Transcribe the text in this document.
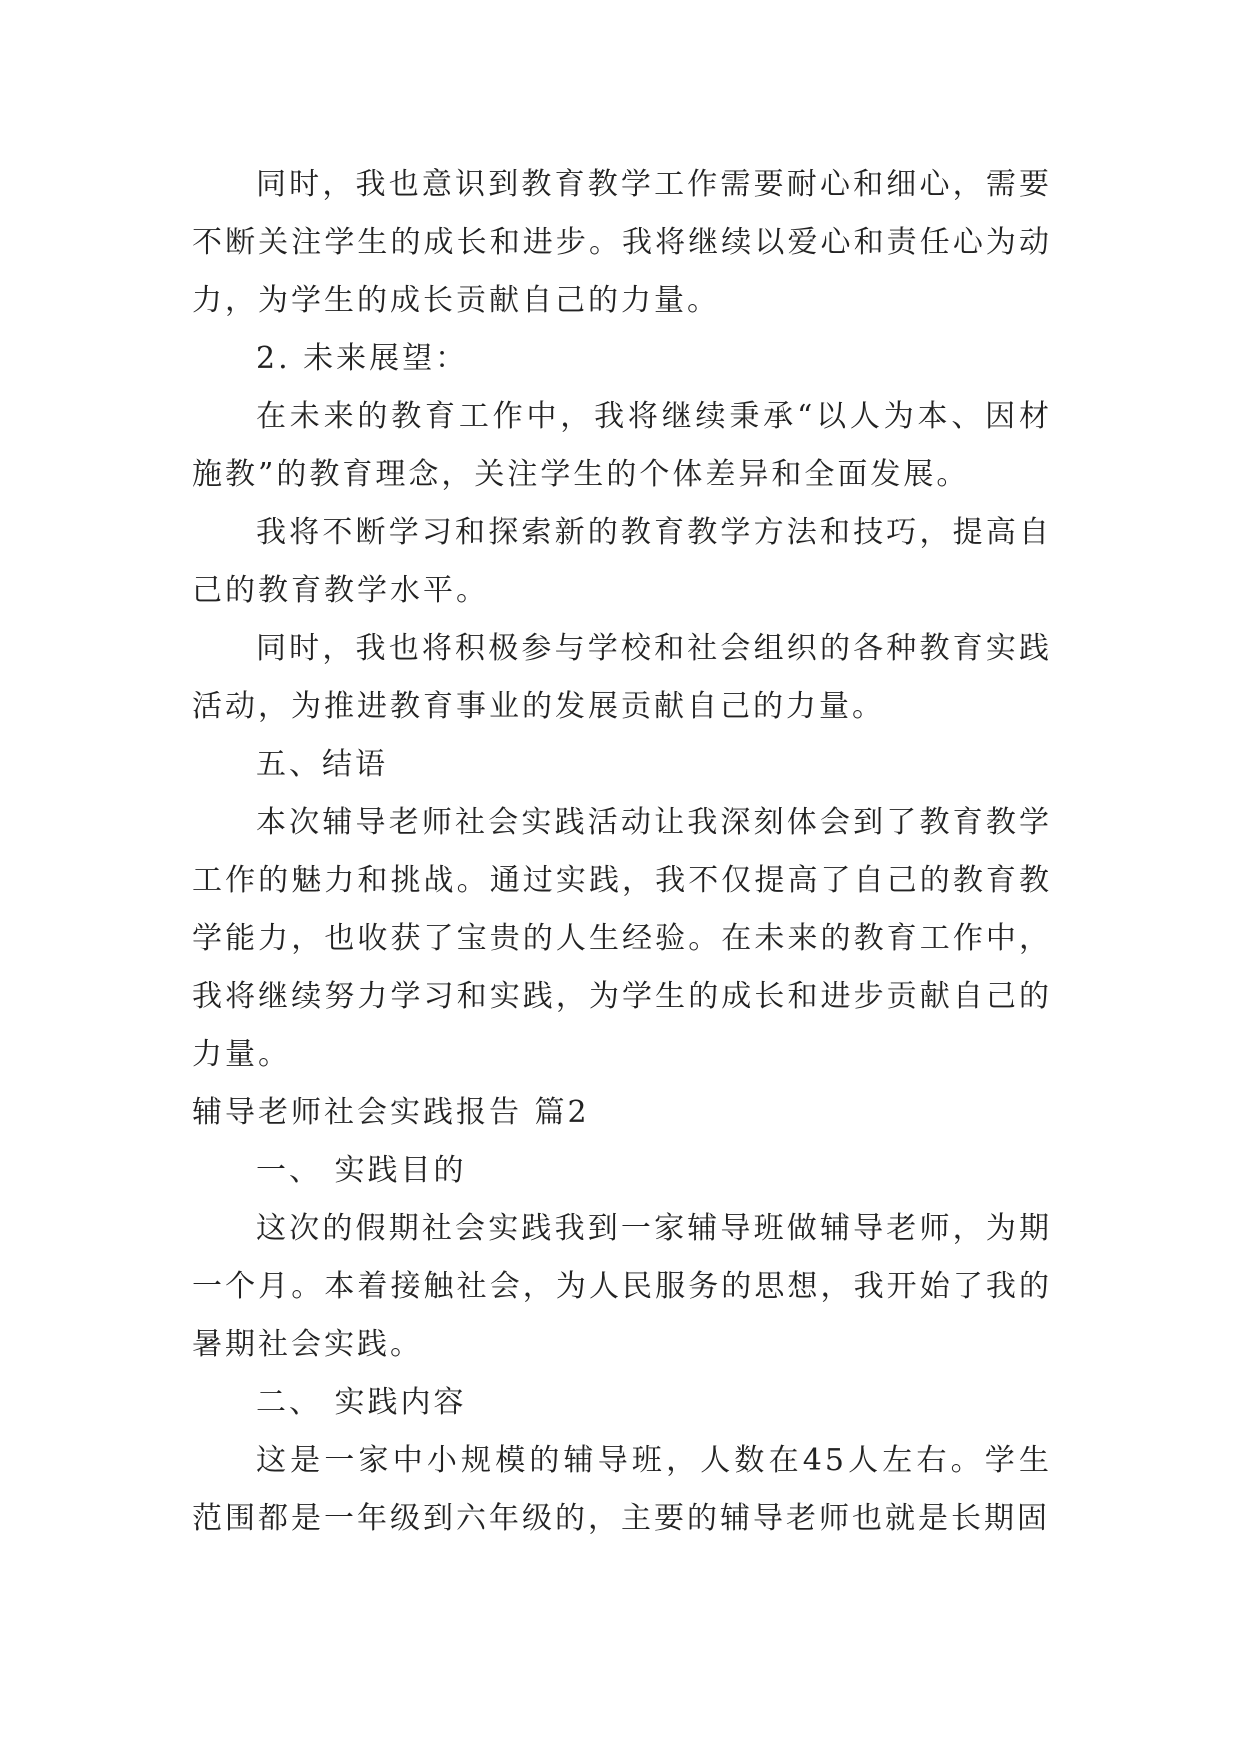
同时，我也意识到教育教学工作需要耐心和细心，需要不断关注学生的成长和进步。我将继续以爱心和责任心为动力，为学生的成长贡献自己的力量。

2. 未来展望：

在未来的教育工作中，我将继续秉承“以人为本、因材施教”的教育理念，关注学生的个体差异和全面发展。

我将不断学习和探索新的教育教学方法和技巧，提高自己的教育教学水平。

同时，我也将积极参与学校和社会组织的各种教育实践活动，为推进教育事业的发展贡献自己的力量。

五、结语

本次辅导老师社会实践活动让我深刻体会到了教育教学工作的魅力和挑战。通过实践，我不仅提高了自己的教育教学能力，也收获了宝贵的人生经验。在未来的教育工作中，我将继续努力学习和实践，为学生的成长和进步贡献自己的力量。

辅导老师社会实践报告 篇2

一、 实践目的

这次的假期社会实践我到一家辅导班做辅导老师，为期一个月。本着接触社会，为人民服务的思想，我开始了我的暑期社会实践。

二、 实践内容

这是一家中小规模的辅导班，人数在45人左右。学生范围都是一年级到六年级的，主要的辅导老师也就是长期固
